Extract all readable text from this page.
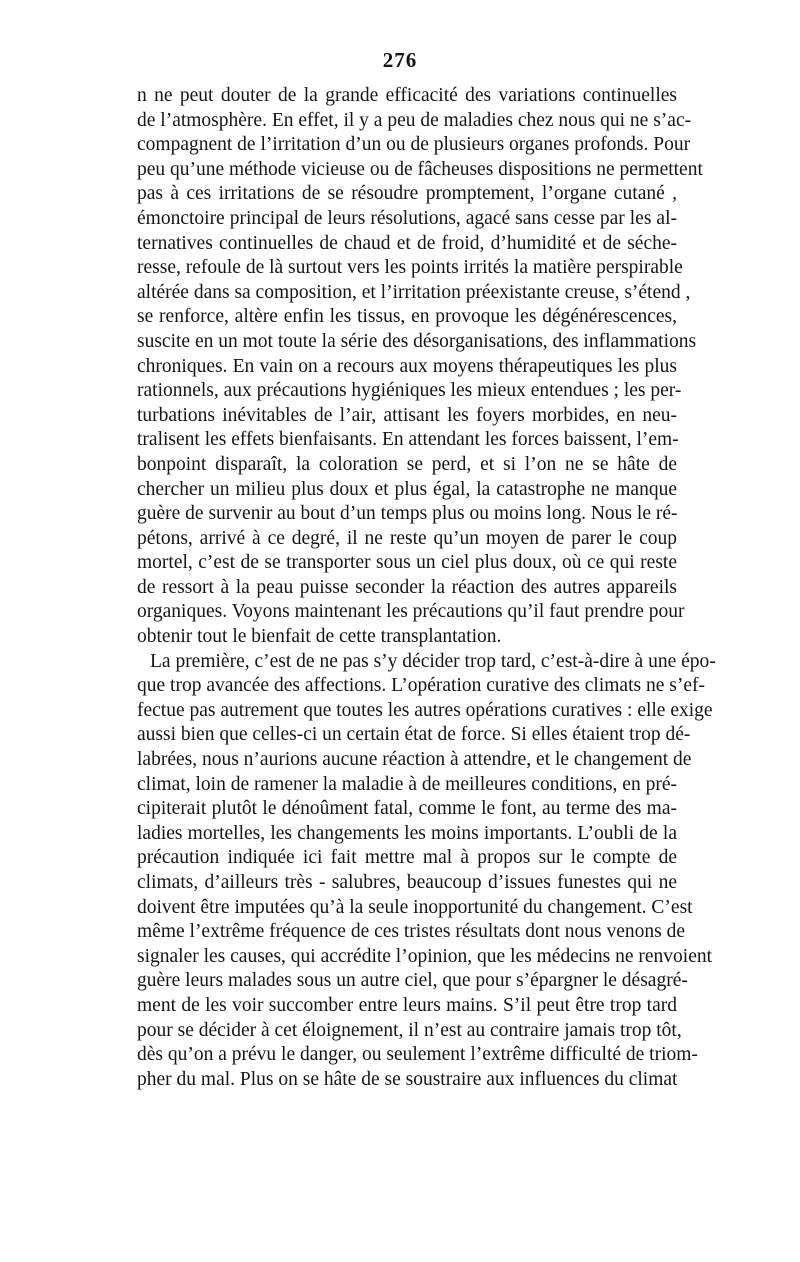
276
n ne peut douter de la grande efficacité des variations continuelles
de l’atmosphère. En effet, il y a peu de maladies chez nous qui ne s’ac-
compagnent de l’irritation d’un ou de plusieurs organes profonds. Pour
peu qu’une méthode vicieuse ou de fâcheuses dispositions ne permettent
pas à ces irritations de se résoudre promptement, l’organe cutané ,
émonctoire principal de leurs résolutions, agacé sans cesse par les al-
ternatives continuelles de chaud et de froid, d’humidité et de séche-
resse, refoule de là surtout vers les points irrités la matière perspirable
altérée dans sa composition, et l’irritation préexistante creuse, s’étend ,
se renforce, altère enfin les tissus, en provoque les dégénérescences,
suscite en un mot toute la série des désorganisations, des inflammations
chroniques. En vain on a recours aux moyens thérapeutiques les plus
rationnels, aux précautions hygiéniques les mieux entendues ; les per-
turbations inévitables de l’air, attisant les foyers morbides, en neu-
tralisent les effets bienfaisants. En attendant les forces baissent, l’em-
bonpoint disparaît, la coloration se perd, et si l’on ne se hâte de
chercher un milieu plus doux et plus égal, la catastrophe ne manque
guère de survenir au bout d’un temps plus ou moins long. Nous le ré-
pétons, arrivé à ce degré, il ne reste qu’un moyen de parer le coup
mortel, c’est de se transporter sous un ciel plus doux, où ce qui reste
de ressort à la peau puisse seconder la réaction des autres appareils
organiques. Voyons maintenant les précautions qu’il faut prendre pour
obtenir tout le bienfait de cette transplantation.
La première, c’est de ne pas s’y décider trop tard, c’est-à-dire à une épo-
que trop avancée des affections. L’opération curative des climats ne s’ef-
fectue pas autrement que toutes les autres opérations curatives : elle exige
aussi bien que celles-ci un certain état de force. Si elles étaient trop dé-
labrées, nous n’aurions aucune réaction à attendre, et le changement de
climat, loin de ramener la maladie à de meilleures conditions, en pré-
cipiterait plutôt le dénoûment fatal, comme le font, au terme des ma-
ladies mortelles, les changements les moins importants. L’oubli de la
précaution indiquée ici fait mettre mal à propos sur le compte de
climats, d’ailleurs très - salubres, beaucoup d’issues funestes qui ne
doivent être imputées qu’à la seule inopportunité du changement. C’est
même l’extrême fréquence de ces tristes résultats dont nous venons de
signaler les causes, qui accrédite l’opinion, que les médecins ne renvoient
guère leurs malades sous un autre ciel, que pour s’épargner le désagré-
ment de les voir succomber entre leurs mains. S’il peut être trop tard
pour se décider à cet éloignement, il n’est au contraire jamais trop tôt,
dès qu’on a prévu le danger, ou seulement l’extrême difficulté de triom-
pher du mal. Plus on se hâte de se soustraire aux influences du climat
